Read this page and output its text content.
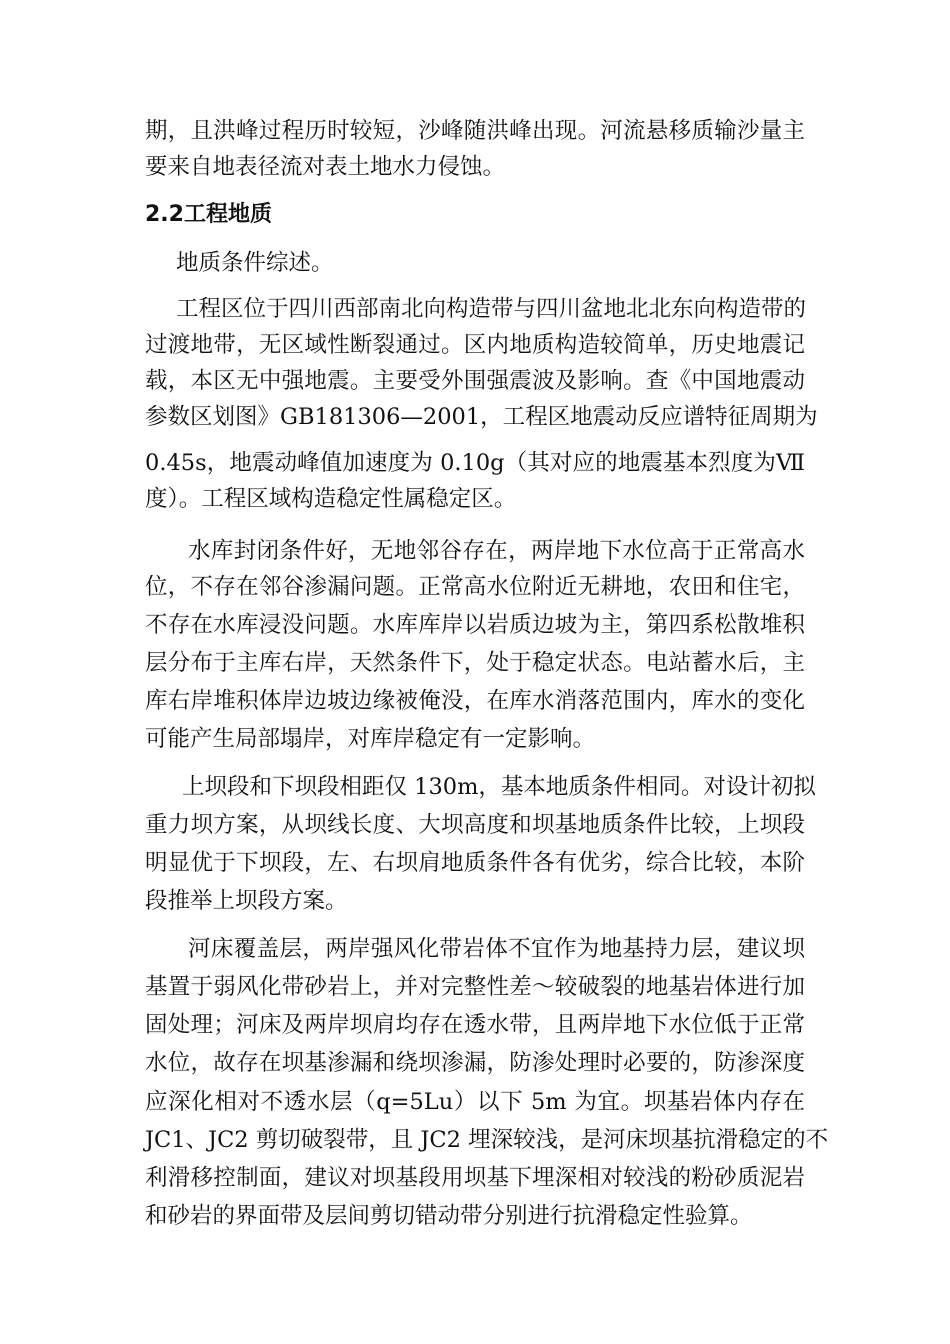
期，且洪峰过程历时较短，沙峰随洪峰出现。河流悬移质输沙量主
要来自地表径流对表土地水力侵蚀。
2.2工程地质
地质条件综述。
工程区位于四川西部南北向构造带与四川盆地北北东向构造带的
过渡地带，无区域性断裂通过。区内地质构造较简单，历史地震记
载，本区无中强地震。主要受外围强震波及影响。查《中国地震动
参数区划图》GB181306—2001，工程区地震动反应谱特征周期为
0.45s，地震动峰值加速度为 0.10g（其对应的地震基本烈度为Ⅶ
度）。工程区域构造稳定性属稳定区。
水库封闭条件好，无地邻谷存在，两岸地下水位高于正常高水
位，不存在邻谷渗漏问题。正常高水位附近无耕地，农田和住宅，
不存在水库浸没问题。水库库岸以岩质边坡为主，第四系松散堆积
层分布于主库右岸，天然条件下，处于稳定状态。电站蓄水后，主
库右岸堆积体岸边坡边缘被俺没，在库水消落范围内，库水的变化
可能产生局部塌岸，对库岸稳定有一定影响。
上坝段和下坝段相距仅 130m，基本地质条件相同。对设计初拟
重力坝方案，从坝线长度、大坝高度和坝基地质条件比较，上坝段
明显优于下坝段，左、右坝肩地质条件各有优劣，综合比较，本阶
段推举上坝段方案。
河床覆盖层，两岸强风化带岩体不宜作为地基持力层，建议坝
基置于弱风化带砂岩上，并对完整性差～较破裂的地基岩体进行加
固处理；河床及两岸坝肩均存在透水带，且两岸地下水位低于正常
水位，故存在坝基渗漏和绕坝渗漏，防渗处理时必要的，防渗深度
应深化相对不透水层（q=5Lu）以下 5m 为宜。坝基岩体内存在
JC1、JC2 剪切破裂带，且 JC2 埋深较浅，是河床坝基抗滑稳定的不
利滑移控制面，建议对坝基段用坝基下埋深相对较浅的粉砂质泥岩
和砂岩的界面带及层间剪切错动带分别进行抗滑稳定性验算。
